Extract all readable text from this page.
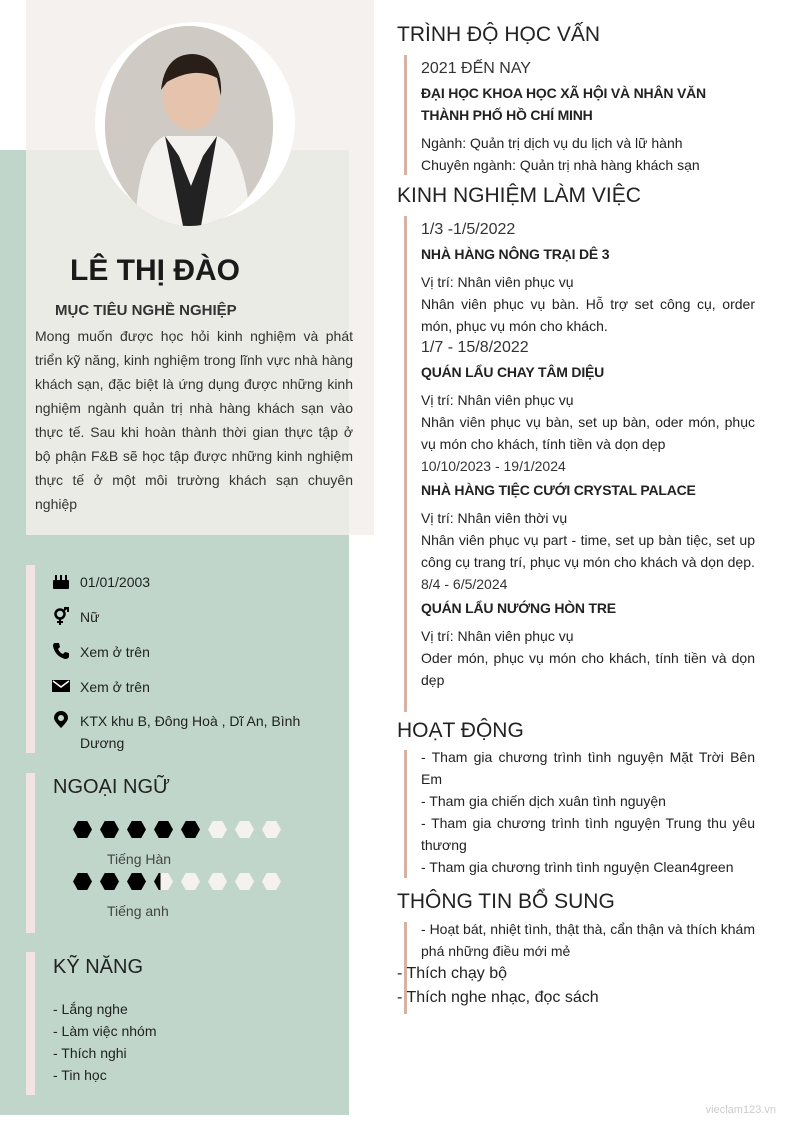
LÊ THỊ ĐÀO
MỤC TIÊU NGHỀ NGHIỆP
Mong muốn được học hỏi kinh nghiệm và phát triển kỹ năng, kinh nghiệm trong lĩnh vực nhà hàng khách sạn, đặc biệt là ứng dụng được những kinh nghiệm ngành quản trị nhà hàng khách sạn vào thực tế. Sau khi hoàn thành thời gian thực tập ở bộ phận F&B sẽ học tập được những kinh nghiệm thực tế ở một môi trường khách sạn chuyên nghiệp
01/01/2003
Nữ
Xem ở trên
Xem ở trên
KTX khu B, Đông Hoà , Dĩ An, Bình Dương
NGOẠI NGỮ
Tiếng Hàn
Tiếng anh
KỸ NĂNG
- Lắng nghe
- Làm việc nhóm
- Thích nghi
- Tin học
TRÌNH ĐỘ HỌC VẤN
2021 ĐẾN NAY
ĐẠI HỌC KHOA HỌC XÃ HỘI VÀ NHÂN VĂN THÀNH PHỐ HỒ CHÍ MINH
Ngành: Quản trị dịch vụ du lịch và lữ hành
Chuyên ngành: Quản trị nhà hàng khách sạn
KINH NGHIỆM LÀM VIỆC
1/3 -1/5/2022
NHÀ HÀNG NÔNG TRẠI DÊ 3
Vị trí: Nhân viên phục vụ
Nhân viên phục vụ bàn. Hỗ trợ set công cụ, order món, phục vụ món cho khách.
1/7 - 15/8/2022
QUÁN LẨU CHAY TÂM DIỆU
Vị trí: Nhân viên phục vụ
Nhân viên phục vụ bàn, set up bàn, oder món, phục vụ món cho khách, tính tiền và dọn dẹp
10/10/2023 - 19/1/2024
NHÀ HÀNG TIỆC CƯỚI CRYSTAL PALACE
Vị trí: Nhân viên thời vụ
Nhân viên phục vụ part - time, set up bàn tiệc, set up công cụ trang trí, phục vụ món cho khách và dọn dẹp.
8/4 - 6/5/2024
QUÁN LẨU NƯỚNG HÒN TRE
Vị trí: Nhân viên phục vụ
Oder món, phục vụ món cho khách, tính tiền và dọn dẹp
HOẠT ĐỘNG
- Tham gia chương trình tình nguyện Mặt Trời Bên Em
- Tham gia chiến dịch xuân tình nguyện
- Tham gia chương trình tình nguyện Trung thu yêu thương
- Tham gia chương trình tình nguyện Clean4green
THÔNG TIN BỔ SUNG
- Hoạt bát, nhiệt tình, thật thà, cẩn thận và thích khám phá những điều mới mẻ
- Thích chạy bộ
- Thích nghe nhạc, đọc sách
vieclam123.vn
